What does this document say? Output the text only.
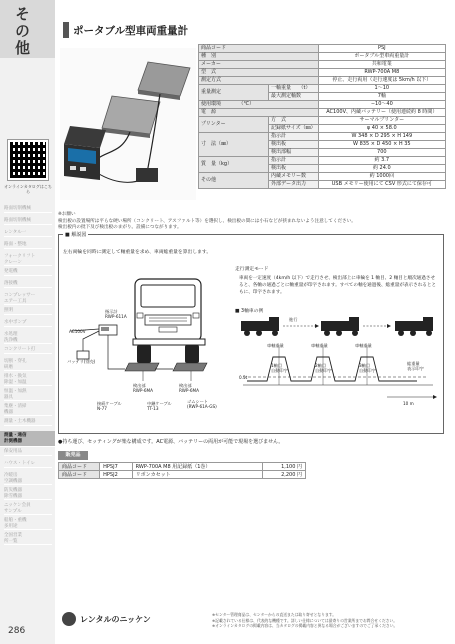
その他
オンラインカタログはこちら
路面切削機械
路面切削機械
レンタル一
路面・整地
フォークリフト
クレーン
発電機
溶接機
コンプレッサー
エアー工具
照明
水中ポンプ
水処理
洗浄機
コンクリート打
切断・穿孔
研磨
排水・換気
除湿・加温
恒温・加熱
器具
集塵・清掃
機器
測量・土木機器
測量・通信
計測機器
保安用品
ハウス・トイレ
冷暖房
空調機器
防災機器
除雪機器
ニッケン会員
サンプル
船舶・重機
多用途
全国営業
所一覧
286
ポータブル型車両重量計
商品コード		PSJ
種　別		ポータブル型車両重量計
メーカー		共和電業
型　式		RWP-700A M8
測定方式		停止、走行両用（走行速度は 5km/h 以下）
重量測定	一軸重量　　（t）	1〜10
	最大測定軸数	7軸
使用環境　　　　（℃）		−10〜40
電　源		AC100V、内蔵バッテリー（使用連続約 8 時間）
プリンター	方　式	サーマルプリンター
	記録紙サイズ（㎜）	φ 40 × 58.0
寸　法（㎜）	指示計	W 348 × D 295 × H 149
	検出板	W 835 × D 450 × H 35
	検出部幅	700
質　量（kg）	指示計	約 3.7
	検出板	約 24.0
その他	内蔵メモリー数	約 1000回
	外部データ出力	USB メモリー使用にて CSV 形式にて保存可
※お願い
検出板の設置場所は平らな硬い場所（コンクリート、アスファルト等）を選択し、検出板の間には小石などが挟まれないよう注意してください。
検出板内の批下及び検出板のまがり。設備につながります。
■ 解説図
左右両輪を同時に測定して軸重量を求め、車両総重量を算出します。
走行測定モード
車両を一定速度（4km/h 以下）で走行させ、検出部上に車輪を 1 軸目、2 軸目と順次通過させると、各軸の通過ごとに軸重量が印字されます。すべての軸を通過後、総重量が表示されるとともに、印字されます。
■ 3軸車の例
指示計
RWP-611A
AC100V
バッテリ(別売)
検出部
RWP-6MA
検出部
RWP-6MA
接続ケーブル
N-77
中継ケーブル
TT-13
ゴムシート
(RWP-61A-GS)
進行
車軸重量	車軸重量	車軸重量
0.5t
1軸目
自動印字
2軸目
自動印字
3軸目
自動印字
総重量
表示印字
10 m
●持ち運び、セッティングが楽な構成です。AC電源、バッテリーの両用が可能で現場を選びません。
販売品
商品コード	HPSJ7	RWP-700A M8 用記録紙（1巻）	1,100 円
商品コード	HPSJ2	リボンカセット	2,200 円
レンタルのニッケン
※センター管理商品は、センターからの直送または取り寄せとなります。
※記載されている仕様は、代表的な機種です。詳しい仕様については最寄りの営業所までお問合せください。
※オンラインカタログの掲載内容は、当カタログの掲載内容と異なる場合がございますのでご了承ください。
